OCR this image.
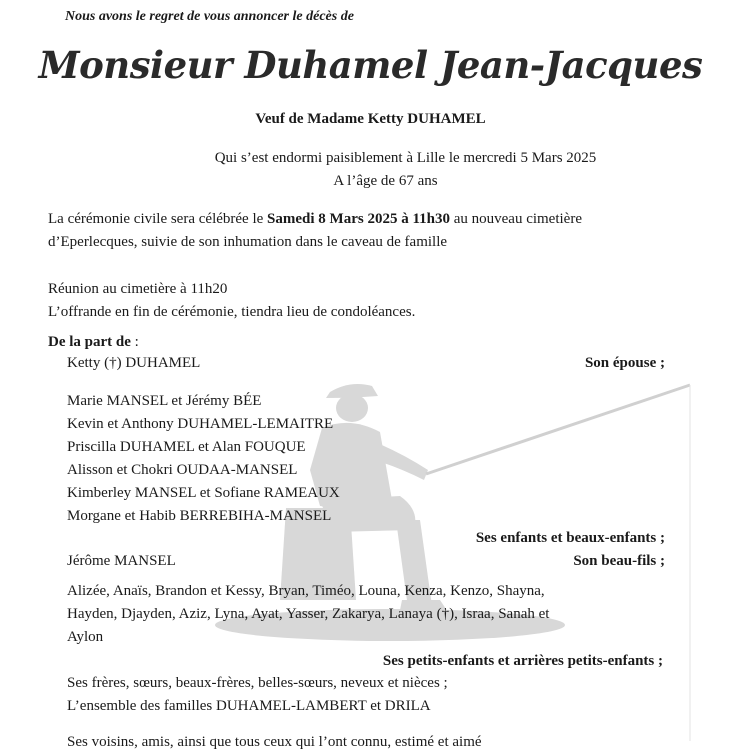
Nous avons le regret de vous annoncer le décès de
Monsieur Duhamel Jean-Jacques
Veuf de Madame Ketty DUHAMEL
Qui s’est endormi paisiblement à Lille le mercredi 5 Mars 2025
A l’âge de 67 ans
La cérémonie civile sera célébrée le Samedi 8 Mars 2025 à 11h30 au nouveau cimetière
d’Eperlecques, suivie de son inhumation dans le caveau de famille
Réunion au cimetière à 11h20
L’offrande en fin de cérémonie, tiendra lieu de condoléances.
De la part de :
Ketty (†) DUHAMEL	Son épouse ;
Marie MANSEL et Jérémy BÉE
Kevin et Anthony DUHAMEL-LEMAITRE
Priscilla DUHAMEL et Alan FOUQUE
Alisson et Chokri OUDAA-MANSEL
Kimberley MANSEL et Sofiane RAMEAUX
Morgane et Habib BERREBIHA-MANSEL
Ses enfants et beaux-enfants ;
Jérôme MANSEL	Son beau-fils ;
Alizée, Anaïs, Brandon et Kessy, Bryan, Timéo, Louna, Kenza, Kenzo, Shayna,
Hayden, Djayden, Aziz, Lyna, Ayat, Yasser, Zakarya, Lanaya (†), Israa, Sanah et
Aylon
Ses petits-enfants et arrières petits-enfants ;
Ses frères, sœurs, beaux-frères, belles-sœurs, neveux et nièces ;
L’ensemble des familles DUHAMEL-LAMBERT et DRILA
Ses voisins, amis, ainsi que tous ceux qui l’ont connu, estimé et aimé
